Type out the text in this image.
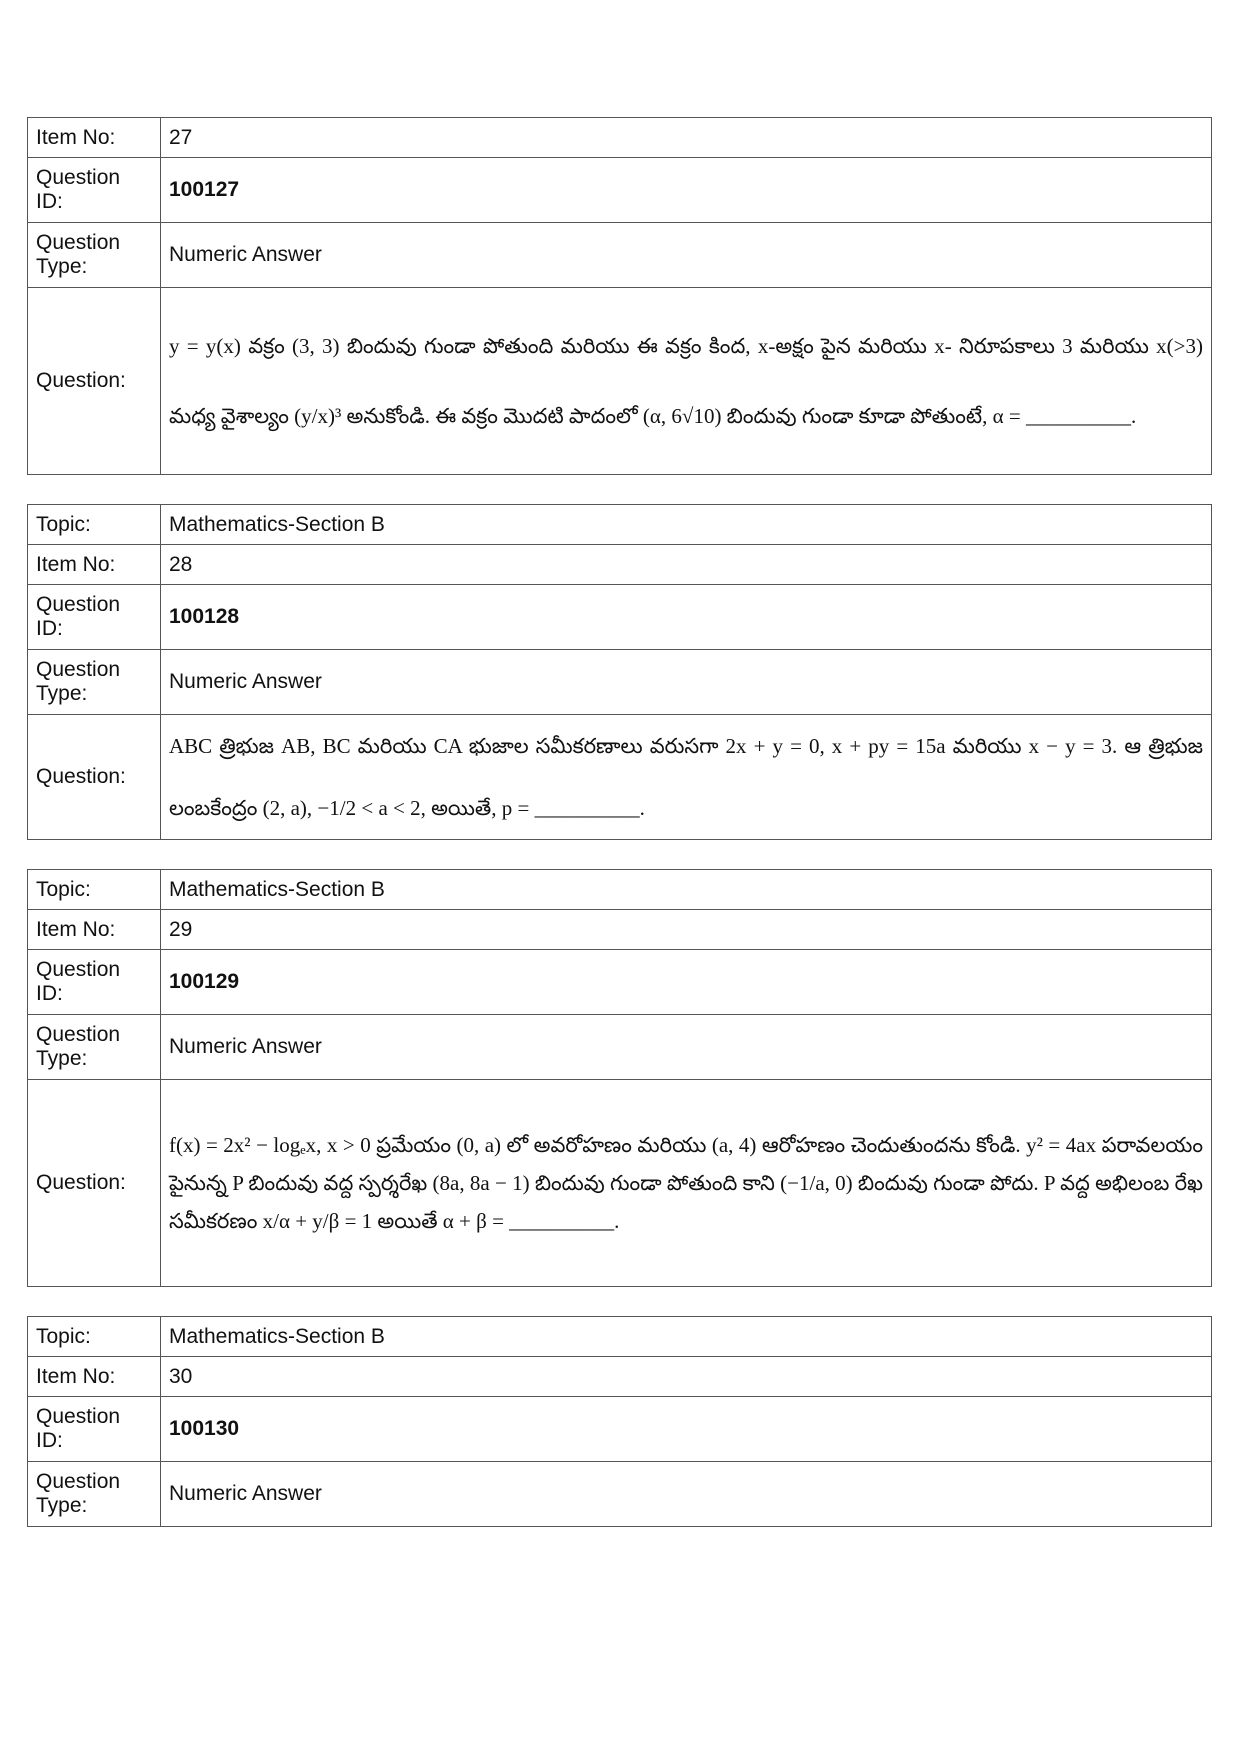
Item No:	27
Question ID:	100127
Question Type:	Numeric Answer
Question:	y = y(x) వక్రం (3, 3) బిందువు గుండా పోతుంది మరియు ఈ వక్రం కింద, x-అక్షం పైన మరియు x- నిరూపకాలు 3 మరియు x(>3) మధ్య వైశాల్యం (y/x)³ అనుకోండి. ఈ వక్రం మొదటి పాదంలో (α, 6√10) బిందువు గుండా కూడా పోతుంటే, α = __________.
Topic:	Mathematics-Section B
Item No:	28
Question ID:	100128
Question Type:	Numeric Answer
Question:	ABC త్రిభుజ AB, BC మరియు CA భుజాల సమీకరణాలు వరుసగా 2x + y = 0, x + py = 15a మరియు x − y = 3. ఆ త్రిభుజ లంబకేంద్రం (2, a), −1/2 < a < 2, అయితే, p = __________.
Topic:	Mathematics-Section B
Item No:	29
Question ID:	100129
Question Type:	Numeric Answer
Question:	f(x) = 2x² − logₑx, x > 0 ప్రమేయం (0, a) లో అవరోహణం మరియు (a, 4) ఆరోహణం చెందుతుందను కోండి. y² = 4ax పరావలయం పైనున్న P బిందువు వద్ద స్పర్శరేఖ (8a, 8a − 1) బిందువు గుండా పోతుంది కాని (−1/a, 0) బిందువు గుండా పోదు. P వద్ద అభిలంబ రేఖ సమీకరణం x/α + y/β = 1 అయితే α + β = __________.
Topic:	Mathematics-Section B
Item No:	30
Question ID:	100130
Question Type:	Numeric Answer
